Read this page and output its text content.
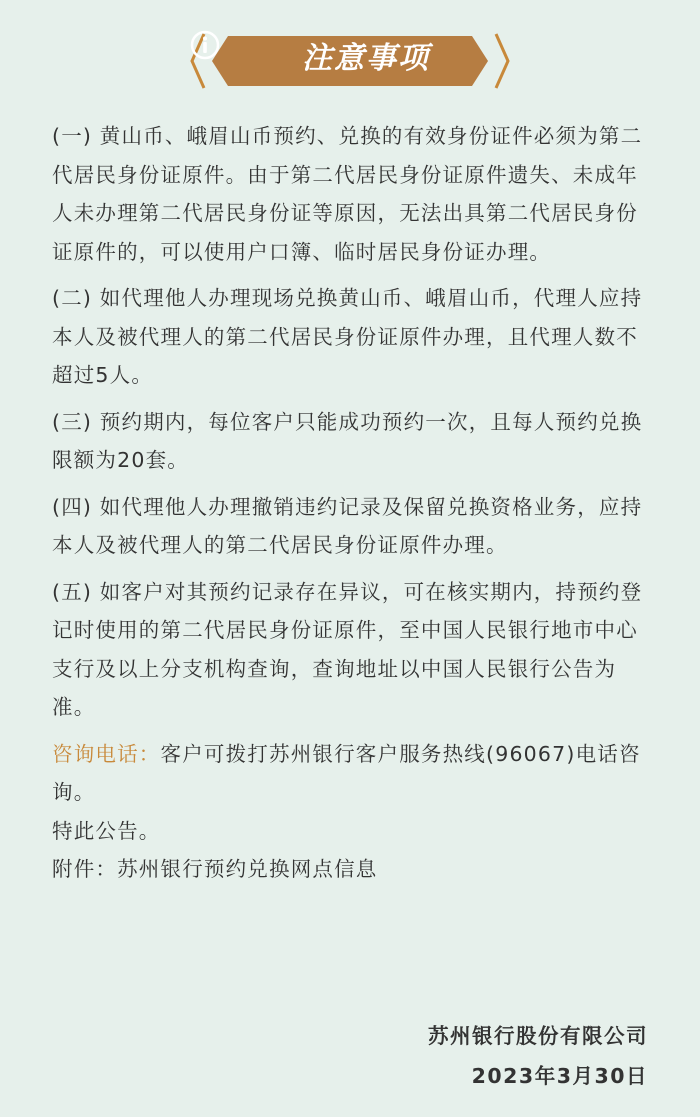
注意事项

(一) 黄山币、峨眉山币预约、兑换的有效身份证件必须为第二代居民身份证原件。由于第二代居民身份证原件遗失、未成年人未办理第二代居民身份证等原因，无法出具第二代居民身份证原件的，可以使用户口簿、临时居民身份证办理。

(二) 如代理他人办理现场兑换黄山币、峨眉山币，代理人应持本人及被代理人的第二代居民身份证原件办理，且代理人数不超过5人。

(三) 预约期内，每位客户只能成功预约一次，且每人预约兑换限额为20套。

(四) 如代理他人办理撤销违约记录及保留兑换资格业务，应持本人及被代理人的第二代居民身份证原件办理。

(五) 如客户对其预约记录存在异议，可在核实期内，持预约登记时使用的第二代居民身份证原件，至中国人民银行地市中心支行及以上分支机构查询，查询地址以中国人民银行公告为准。

咨询电话：客户可拨打苏州银行客户服务热线(96067)电话咨询。

特此公告。

附件：苏州银行预约兑换网点信息

苏州银行股份有限公司
2023年3月30日
